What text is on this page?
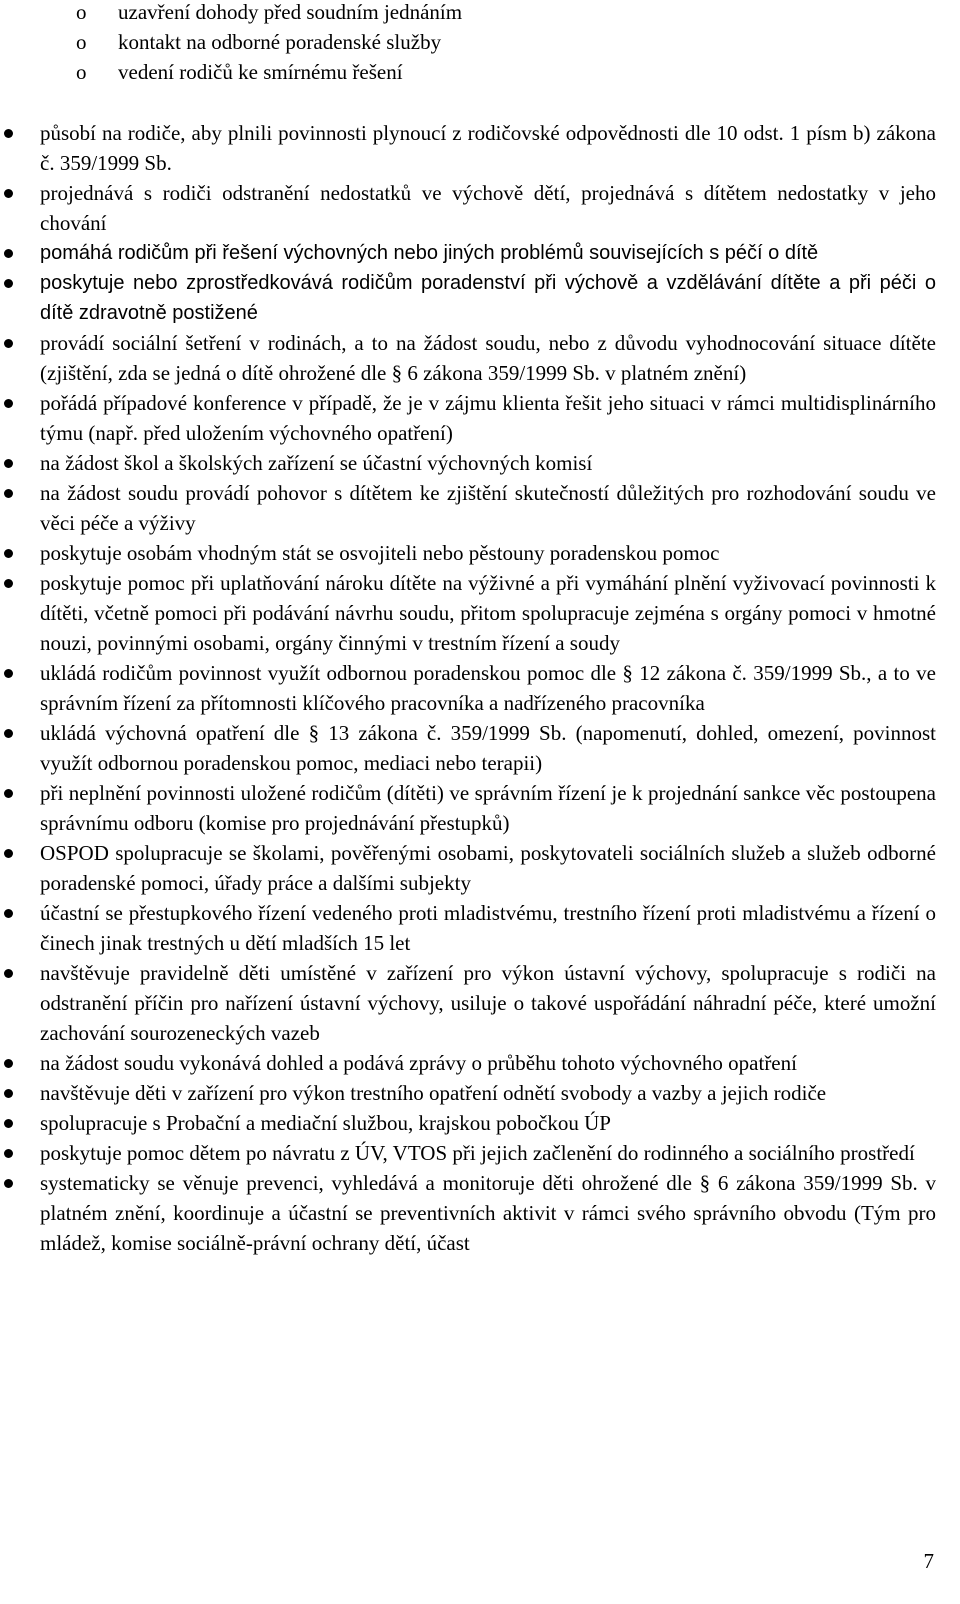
o uzavření dohody před soudním jednáním
o kontakt na odborné poradenské služby
o vedení rodičů ke smírnému řešení
působí na rodiče, aby plnili povinnosti plynoucí z rodičovské odpovědnosti dle 10 odst. 1 písm b) zákona č. 359/1999 Sb.
projednává s rodiči odstranění nedostatků ve výchově dětí, projednává s dítětem nedostatky v jeho chování
pomáhá rodičům při řešení výchovných nebo jiných problémů souvisejících s péčí o dítě
poskytuje nebo zprostředkovává rodičům poradenství při výchově a vzdělávání dítěte a při péči o dítě zdravotně postižené
provádí sociální šetření v rodinách, a to na žádost soudu, nebo z důvodu vyhodnocování situace dítěte (zjištění, zda se jedná o dítě ohrožené dle § 6 zákona 359/1999 Sb. v platném znění)
pořádá případové konference v případě, že je v zájmu klienta řešit jeho situaci v rámci multidisplinárního týmu (např. před uložením výchovného opatření)
na žádost škol a školských zařízení se účastní výchovných komisí
na žádost soudu provádí pohovor s dítětem ke zjištění skutečností důležitých pro rozhodování soudu ve věci péče a výživy
poskytuje osobám vhodným stát se osvojiteli nebo pěstouny poradenskou pomoc
poskytuje pomoc při uplatňování nároku dítěte na výživné a při vymáhání plnění vyživovací povinnosti k dítěti, včetně pomoci při podávání návrhu soudu, přitom spolupracuje zejména s orgány pomoci v hmotné nouzi, povinnými osobami, orgány činnými v trestním řízení a soudy
ukládá rodičům povinnost využít odbornou poradenskou pomoc dle § 12 zákona č. 359/1999 Sb., a to ve správním řízení za přítomnosti klíčového pracovníka a nadřízeného pracovníka
ukládá výchovná opatření dle § 13 zákona č. 359/1999 Sb. (napomenutí, dohled, omezení, povinnost využít odbornou poradenskou pomoc, mediaci nebo terapii)
při neplnění povinnosti uložené rodičům (dítěti) ve správním řízení je k projednání sankce věc postoupena správnímu odboru (komise pro projednávání přestupků)
OSPOD spolupracuje se školami, pověřenými osobami, poskytovateli sociálních služeb a služeb odborné poradenské pomoci, úřady práce a dalšími subjekty
účastní se přestupkového řízení vedeného proti mladistvému, trestního řízení proti mladistvému a řízení o činech jinak trestných u dětí mladších 15 let
navštěvuje pravidelně děti umístěné v zařízení pro výkon ústavní výchovy, spolupracuje s rodiči na odstranění příčin pro nařízení ústavní výchovy, usiluje o takové uspořádání náhradní péče, které umožní zachování sourozeneckých vazeb
na žádost soudu vykonává dohled a podává zprávy o průběhu tohoto výchovného opatření
navštěvuje děti v zařízení pro výkon trestního opatření odnětí svobody a vazby a jejich rodiče
spolupracuje s Probační a mediační službou, krajskou pobočkou ÚP
poskytuje pomoc dětem po návratu z ÚV, VTOS při jejich začlenění do rodinného a sociálního prostředí
systematicky se věnuje prevenci, vyhledává a monitoruje děti ohrožené dle § 6 zákona 359/1999 Sb. v platném znění, koordinuje a účastní se preventivních aktivit v rámci svého správního obvodu (Tým pro mládež, komise sociálně-právní ochrany dětí, účast
7
